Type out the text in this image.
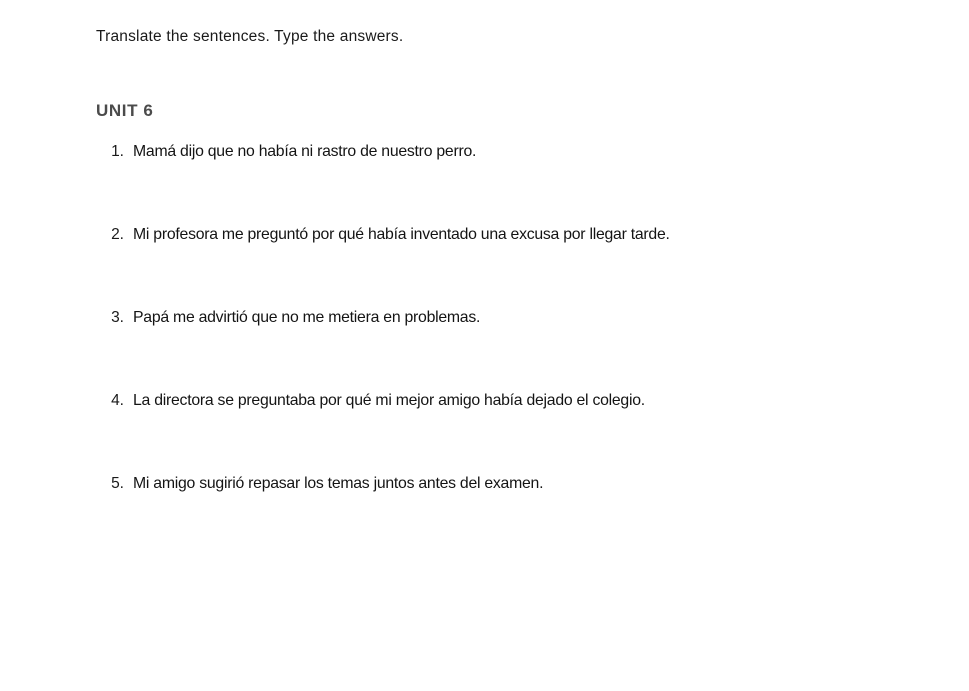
Translate the sentences. Type the answers.
UNIT 6
1. Mamá dijo que no había ni rastro de nuestro perro.
2. Mi profesora me preguntó por qué había inventado una excusa por llegar tarde.
3. Papá me advirtió que no me metiera en problemas.
4. La directora se preguntaba por qué mi mejor amigo había dejado el colegio.
5. Mi amigo sugirió repasar los temas juntos antes del examen.
